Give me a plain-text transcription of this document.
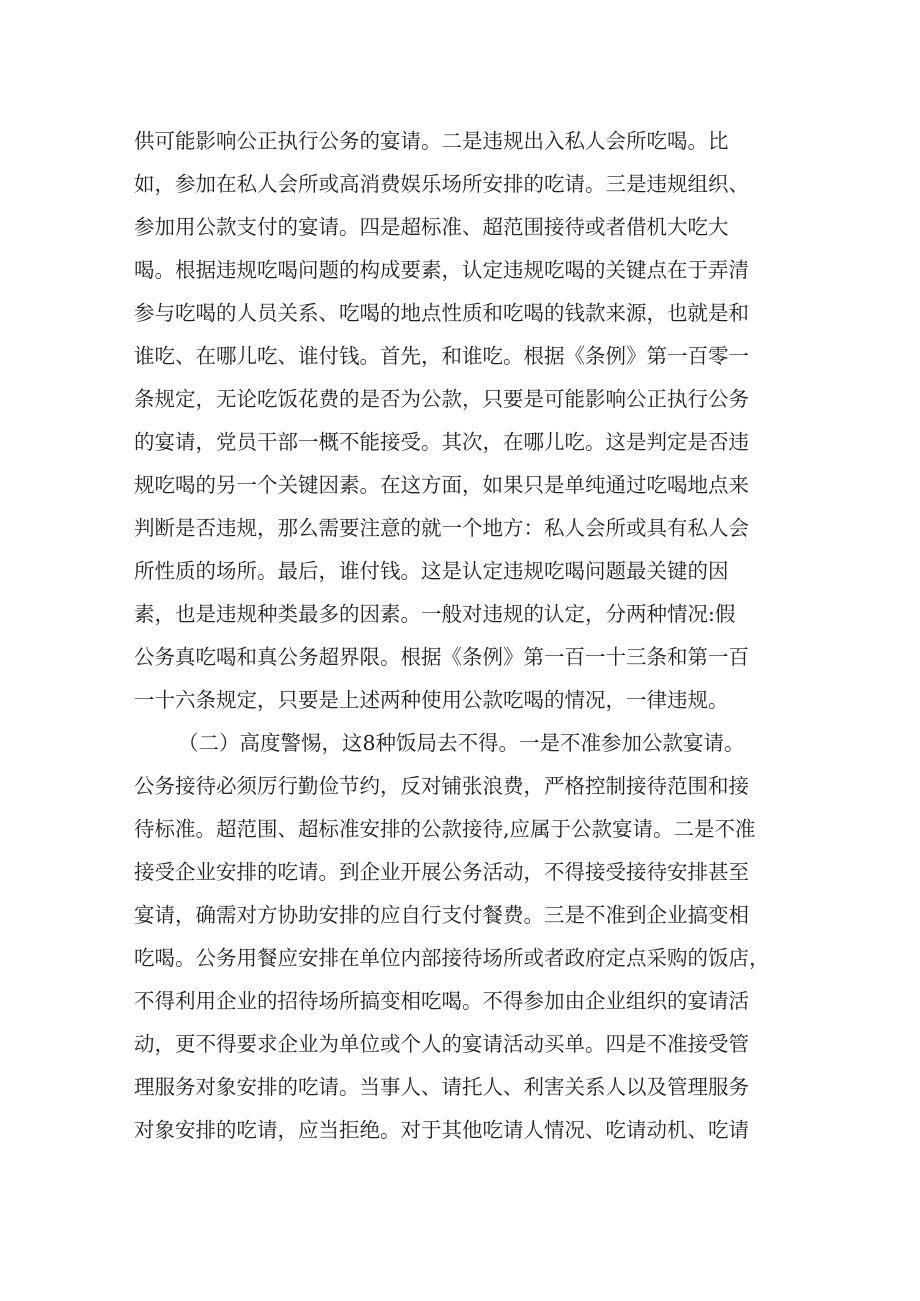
供可能影响公正执行公务的宴请。二是违规出入私人会所吃喝。比
如，参加在私人会所或高消费娱乐场所安排的吃请。三是违规组织、
参加用公款支付的宴请。四是超标准、超范围接待或者借机大吃大
喝。根据违规吃喝问题的构成要素，认定违规吃喝的关键点在于弄清
参与吃喝的人员关系、吃喝的地点性质和吃喝的钱款来源，也就是和
谁吃、在哪儿吃、谁付钱。首先，和谁吃。根据《条例》第一百零一
条规定，无论吃饭花费的是否为公款，只要是可能影响公正执行公务
的宴请，党员干部一概不能接受。其次，在哪儿吃。这是判定是否违
规吃喝的另一个关键因素。在这方面，如果只是单纯通过吃喝地点来
判断是否违规，那么需要注意的就一个地方：私人会所或具有私人会
所性质的场所。最后，谁付钱。这是认定违规吃喝问题最关键的因
素，也是违规种类最多的因素。一般对违规的认定，分两种情况:假
公务真吃喝和真公务超界限。根据《条例》第一百一十三条和第一百
一十六条规定，只要是上述两种使用公款吃喝的情况，一律违规。
（二）高度警惕，这8种饭局去不得。一是不准参加公款宴请。
公务接待必须厉行勤俭节约，反对铺张浪费，严格控制接待范围和接
待标准。超范围、超标准安排的公款接待,应属于公款宴请。二是不准
接受企业安排的吃请。到企业开展公务活动，不得接受接待安排甚至
宴请，确需对方协助安排的应自行支付餐费。三是不准到企业搞变相
吃喝。公务用餐应安排在单位内部接待场所或者政府定点采购的饭店，
不得利用企业的招待场所搞变相吃喝。不得参加由企业组织的宴请活
动，更不得要求企业为单位或个人的宴请活动买单。四是不准接受管
理服务对象安排的吃请。当事人、请托人、利害关系人以及管理服务
对象安排的吃请，应当拒绝。对于其他吃请人情况、吃请动机、吃请
